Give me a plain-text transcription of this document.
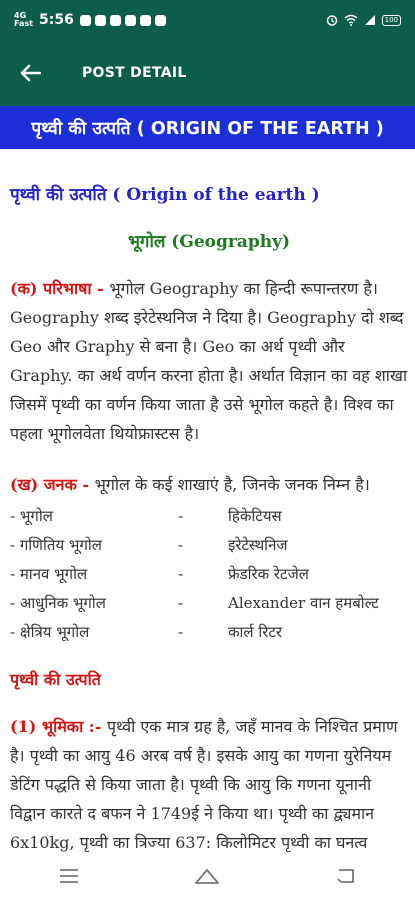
4G
Fast 5:56	100
POST DETAIL
पृथ्वी की उत्पति ( ORIGIN OF THE EARTH )
पृथ्वी की उत्पति ( Origin of the earth )
भूगोल (Geography)

(क) परिभाषा - भूगोल Geography का हिन्दी रूपान्तरण है। Geography शब्द इरेटेस्थनिज ने दिया है। Geography दो शब्द Geo और Graphy से बना है। Geo का अर्थ पृथ्वी और Graphy. का अर्थ वर्णन करना होता है। अर्थात विज्ञान का वह शाखा जिसमें पृथ्वी का वर्णन किया जाता है उसे भूगोल कहते है। विश्व का पहला भूगोलवेता थियोफ्रास्टस है।

(ख) जनक - भूगोल के कई शाखाएं है, जिनके जनक निम्न है।

- भूगोल	-	हिकेटियस
- गणितिय भूगोल	-	इरेटेस्थनिज
- मानव भूगोल	-	फ्रेडरिक रेटजेल
- आधुनिक भूगोल	-	Alexander वान हमबोल्ट
- क्षेत्रिय भूगोल	-	कार्ल रिटर
पृथ्वी की उत्पति

(1) भूमिका :- पृथ्वी एक मात्र ग्रह है, जहँ मानव के निश्चित प्रमाण है। पृथ्वी का आयु 46 अरब वर्ष है। इसके आयु का गणना युरेनियम डेटिंग पद्धति से किया जाता है। पृथ्वी कि आयु कि गणना यूनानी विद्वान कारते द बफन ने 1749ई ने किया था। पृथ्वी का द्व्यमान 6x10kg, पृथ्वी का त्रिज्या 637: किलोमिटर पृथ्वी का घनत्व
